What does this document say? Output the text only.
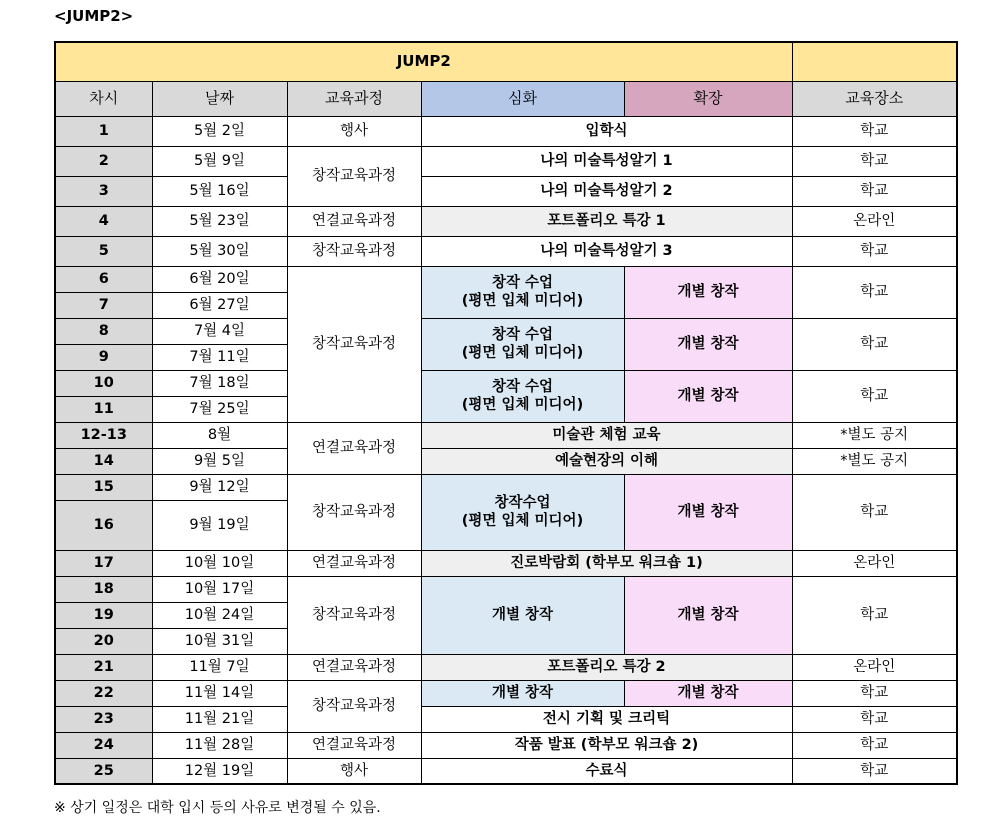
<JUMP2>
JUMP2					
차시	날짜	교육과정	심화	확장	교육장소
1	5월 2일	행사	입학식		학교
2	5월 9일	창작교육과정	나의 미술특성알기 1		학교
3	5월 16일		나의 미술특성알기 2		학교
4	5월 23일	연결교육과정	포트폴리오 특강 1		온라인
5	5월 30일	창작교육과정	나의 미술특성알기 3		학교
6	6월 20일	창작교육과정	창작 수업
(평면 입체 미디어)	개별 창작	학교
7	6월 27일				
8	7월 4일		창작 수업
(평면 입체 미디어)	개별 창작	학교
9	7월 11일				
10	7월 18일		창작 수업
(평면 입체 미디어)	개별 창작	학교
11	7월 25일				
12-13	8월	연결교육과정	미술관 체험 교육		*별도 공지
14	9월 5일		예술현장의 이해		*별도 공지
15	9월 12일	창작교육과정	창작수업
(평면 입체 미디어)	개별 창작	학교
16	9월 19일				
17	10월 10일	연결교육과정	진로박람회 (학부모 워크숍 1)		온라인
18	10월 17일	창작교육과정	개별 창작	개별 창작	학교
19	10월 24일				
20	10월 31일				
21	11월 7일	연결교육과정	포트폴리오 특강 2		온라인
22	11월 14일	창작교육과정	개별 창작	개별 창작	학교
23	11월 21일		전시 기획 및 크리틱		학교
24	11월 28일	연결교육과정	작품 발표 (학부모 워크숍 2)		학교
25	12월 19일	행사	수료식		학교
※ 상기 일정은 대학 입시 등의 사유로 변경될 수 있음.
